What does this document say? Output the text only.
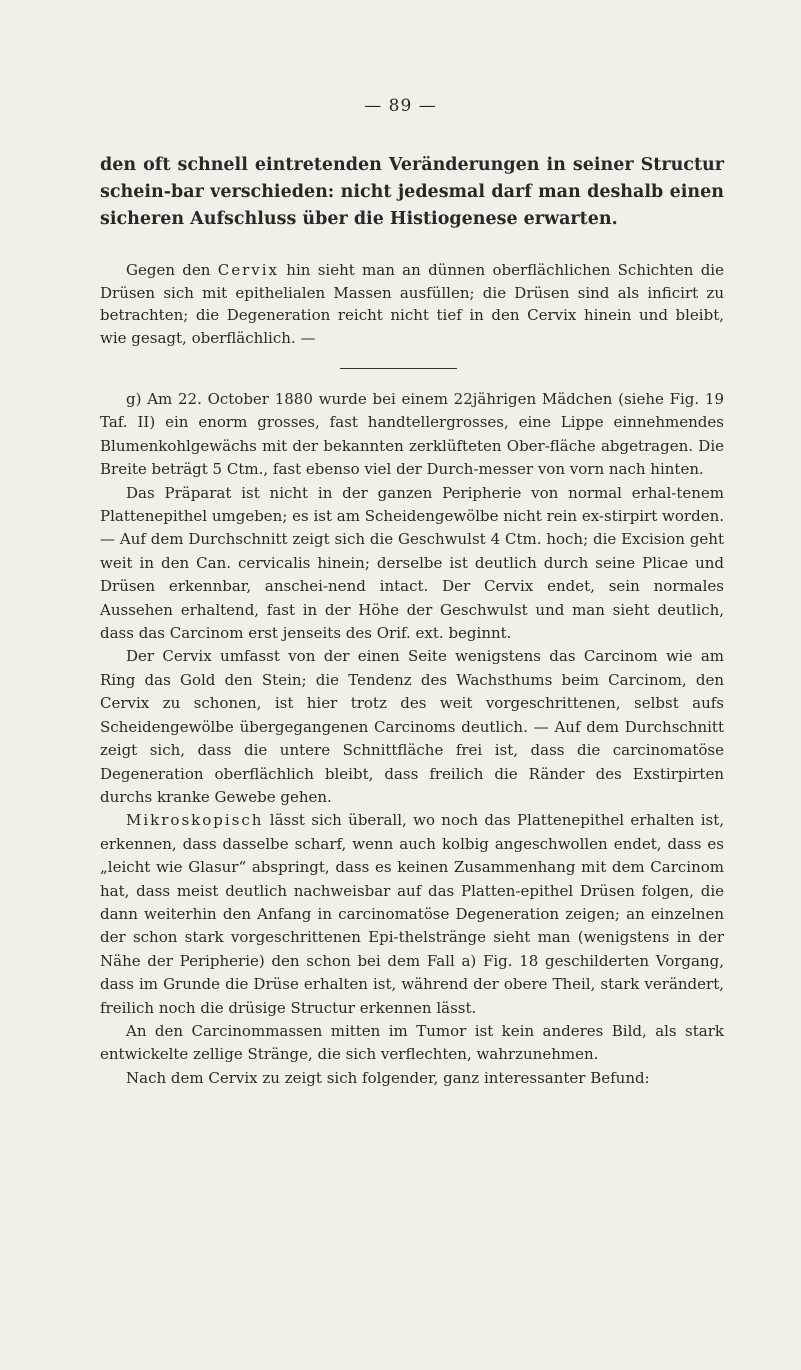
— 89 —

den oft schnell eintretenden Veränderungen in seiner Structur schein-bar verschieden: nicht jedesmal darf man deshalb einen sicheren Aufschluss über die Histiogenese erwarten.

Gegen den Cervix hin sieht man an dünnen oberflächlichen Schichten die Drüsen sich mit epithelialen Massen ausfüllen; die Drüsen sind als inficirt zu betrachten; die Degeneration reicht nicht tief in den Cervix hinein und bleibt, wie gesagt, oberflächlich. —

g) Am 22. October 1880 wurde bei einem 22jährigen Mädchen (siehe Fig. 19 Taf. II) ein enorm grosses, fast handtellergrosses, eine Lippe einnehmendes Blumenkohlgewächs mit der bekannten zerklüfteten Ober-fläche abgetragen. Die Breite beträgt 5 Ctm., fast ebenso viel der Durch-messer von vorn nach hinten.

Das Präparat ist nicht in der ganzen Peripherie von normal erhal-tenem Plattenepithel umgeben; es ist am Scheidengewölbe nicht rein ex-stirpirt worden. — Auf dem Durchschnitt zeigt sich die Geschwulst 4 Ctm. hoch; die Excision geht weit in den Can. cervicalis hinein; derselbe ist deutlich durch seine Plicae und Drüsen erkennbar, anschei-nend intact. Der Cervix endet, sein normales Aussehen erhaltend, fast in der Höhe der Geschwulst und man sieht deutlich, dass das Carcinom erst jenseits des Orif. ext. beginnt.

Der Cervix umfasst von der einen Seite wenigstens das Carcinom wie am Ring das Gold den Stein; die Tendenz des Wachsthums beim Carcinom, den Cervix zu schonen, ist hier trotz des weit vorgeschrittenen, selbst aufs Scheidengewölbe übergegangenen Carcinoms deutlich. — Auf dem Durchschnitt zeigt sich, dass die untere Schnittfläche frei ist, dass die carcinomatöse Degeneration oberflächlich bleibt, dass freilich die Ränder des Exstirpirten durchs kranke Gewebe gehen.

Mikroskopisch lässt sich überall, wo noch das Plattenepithel erhalten ist, erkennen, dass dasselbe scharf, wenn auch kolbig angeschwollen endet, dass es „leicht wie Glasur“ abspringt, dass es keinen Zusammenhang mit dem Carcinom hat, dass meist deutlich nachweisbar auf das Platten-epithel Drüsen folgen, die dann weiterhin den Anfang in carcinomatöse Degeneration zeigen; an einzelnen der schon stark vorgeschrittenen Epi-thelstränge sieht man (wenigstens in der Nähe der Peripherie) den schon bei dem Fall a) Fig. 18 geschilderten Vorgang, dass im Grunde die Drüse erhalten ist, während der obere Theil, stark verändert, freilich noch die drüsige Structur erkennen lässt.

An den Carcinommassen mitten im Tumor ist kein anderes Bild, als stark entwickelte zellige Stränge, die sich verflechten, wahrzunehmen.

Nach dem Cervix zu zeigt sich folgender, ganz interessanter Befund:
